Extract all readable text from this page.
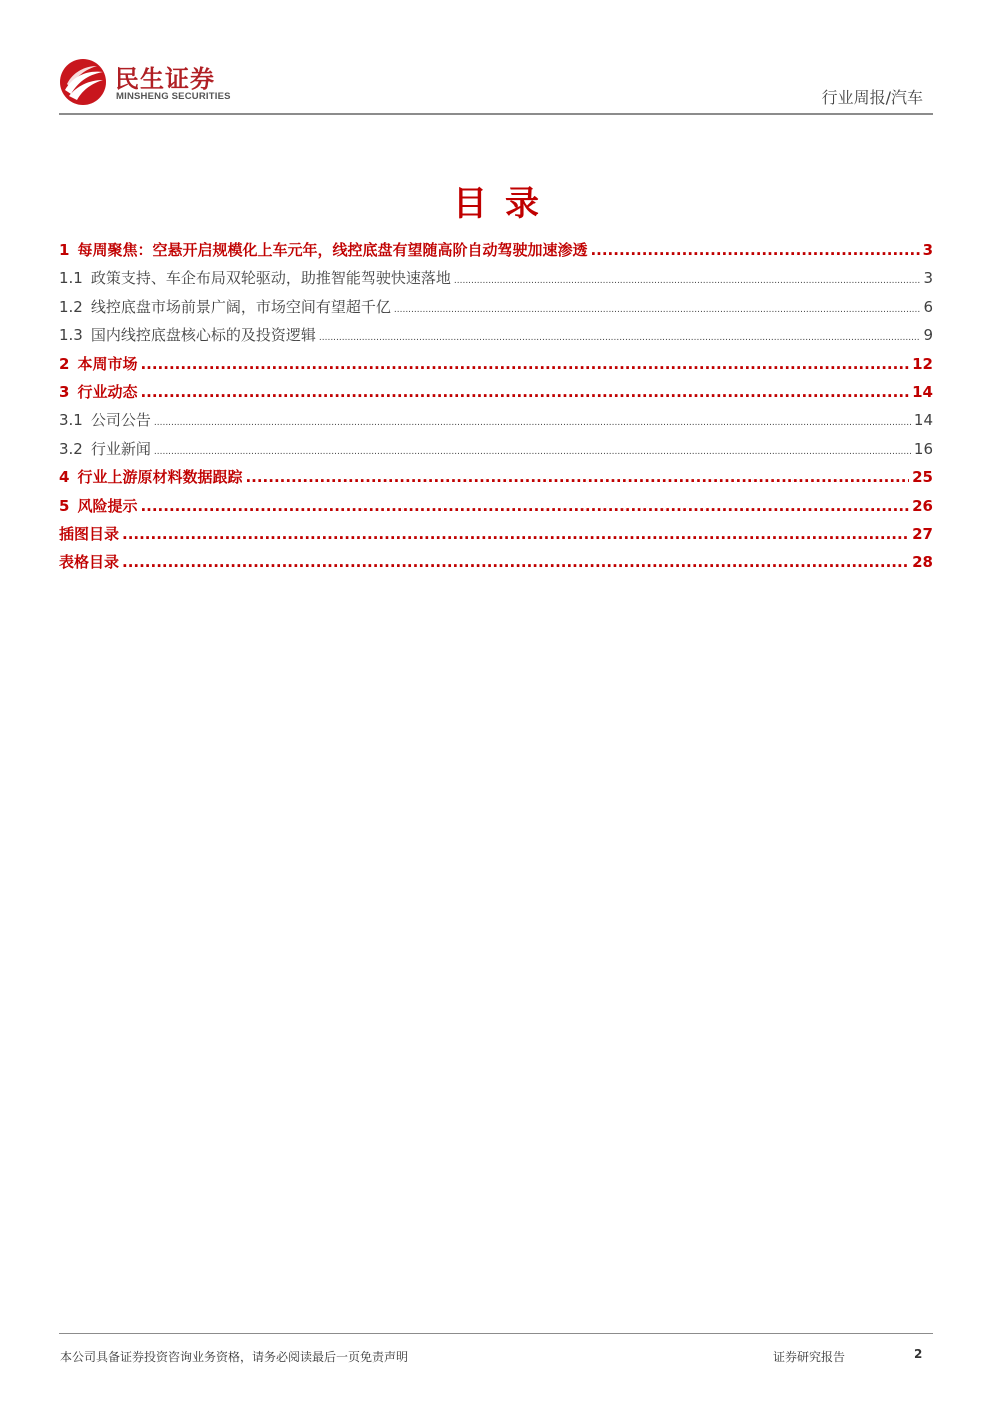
民生证券
MINSHENG SECURITIES	行业周报/汽车
目录
1 每周聚焦：空悬开启规模化上车元年，线控底盘有望随高阶自动驾驶加速渗透 .....	3
1.1 政策支持、车企布局双轮驱动，助推智能驾驶快速落地 .....	3
1.2 线控底盘市场前景广阔，市场空间有望超千亿 .....	6
1.3 国内线控底盘核心标的及投资逻辑 .....	9
2 本周市场 .....	12
3 行业动态 .....	14
3.1 公司公告 .....	14
3.2 行业新闻 .....	16
4 行业上游原材料数据跟踪 .....	25
5 风险提示 .....	26
插图目录 .....	27
表格目录 .....	28
本公司具备证券投资咨询业务资格，请务必阅读最后一页免责声明	证券研究报告	2
